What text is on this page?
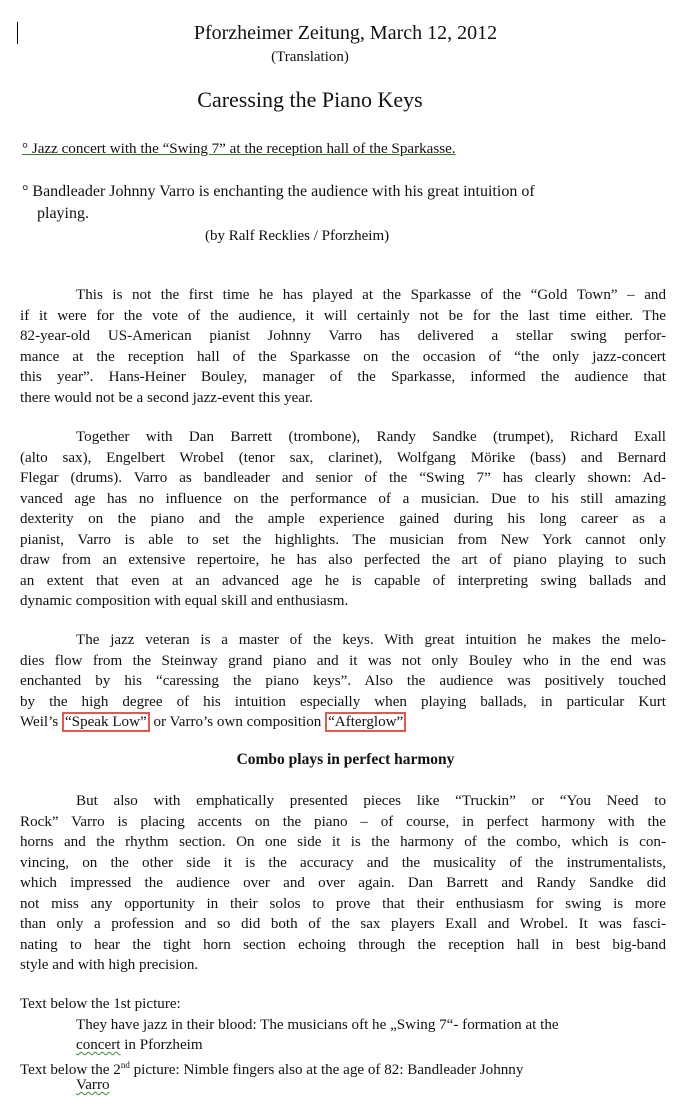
Pforzheimer Zeitung, March 12, 2012
(Translation)
Caressing the Piano Keys
° Jazz concert with the “Swing 7” at the reception hall of the Sparkasse.
° Bandleader Johnny Varro is enchanting the audience with his great intuition of
playing.
(by Ralf Recklies / Pforzheim)
This is not the first time he has played at the Sparkasse of the “Gold Town” – and
if it were for the vote of the audience, it will certainly not be for the last time either. The
82-year-old US-American pianist Johnny Varro has delivered a stellar swing perfor-
mance at the reception hall of the Sparkasse on the occasion of “the only jazz-concert
this year”. Hans-Heiner Bouley, manager of the Sparkasse, informed the audience that
there would not be a second jazz-event this year.
Together with Dan Barrett (trombone), Randy Sandke (trumpet), Richard Exall
(alto sax), Engelbert Wrobel (tenor sax, clarinet), Wolfgang Mörike (bass) and Bernard
Flegar (drums). Varro as bandleader and senior of the “Swing 7” has clearly shown: Ad-
vanced age has no influence on the performance of a musician. Due to his still amazing
dexterity on the piano and the ample experience gained during his long career as a
pianist, Varro is able to set the highlights. The musician from New York cannot only
draw from an extensive repertoire, he has also perfected the art of piano playing to such
an extent that even at an advanced age he is capable of interpreting swing ballads and
dynamic composition with equal skill and enthusiasm.
The jazz veteran is a master of the keys. With great intuition he makes the melo-
dies flow from the Steinway grand piano and it was not only Bouley who in the end was
enchanted by his “caressing the piano keys”. Also the audience was positively touched
by the high degree of his intuition especially when playing ballads, in particular Kurt
Weil’s “Speak Low” or Varro’s own composition “Afterglow”
Combo plays in perfect harmony
But also with emphatically presented pieces like “Truckin” or “You Need to
Rock” Varro is placing accents on the piano – of course, in perfect harmony with the
horns and the rhythm section. On one side it is the harmony of the combo, which is con-
vincing, on the other side it is the accuracy and the musicality of the instrumentalists,
which impressed the audience over and over again. Dan Barrett and Randy Sandke did
not miss any opportunity in their solos to prove that their enthusiasm for swing is more
than only a profession and so did both of the sax players Exall and Wrobel. It was fasci-
nating to hear the tight horn section echoing through the reception hall in best big-band
style and with high precision.
Text below the 1st picture:
They have jazz in their blood: The musicians oft he „Swing 7“- formation at the
concert in Pforzheim
Text below the 2nd picture: Nimble fingers also at the age of 82: Bandleader Johnny
Varro
